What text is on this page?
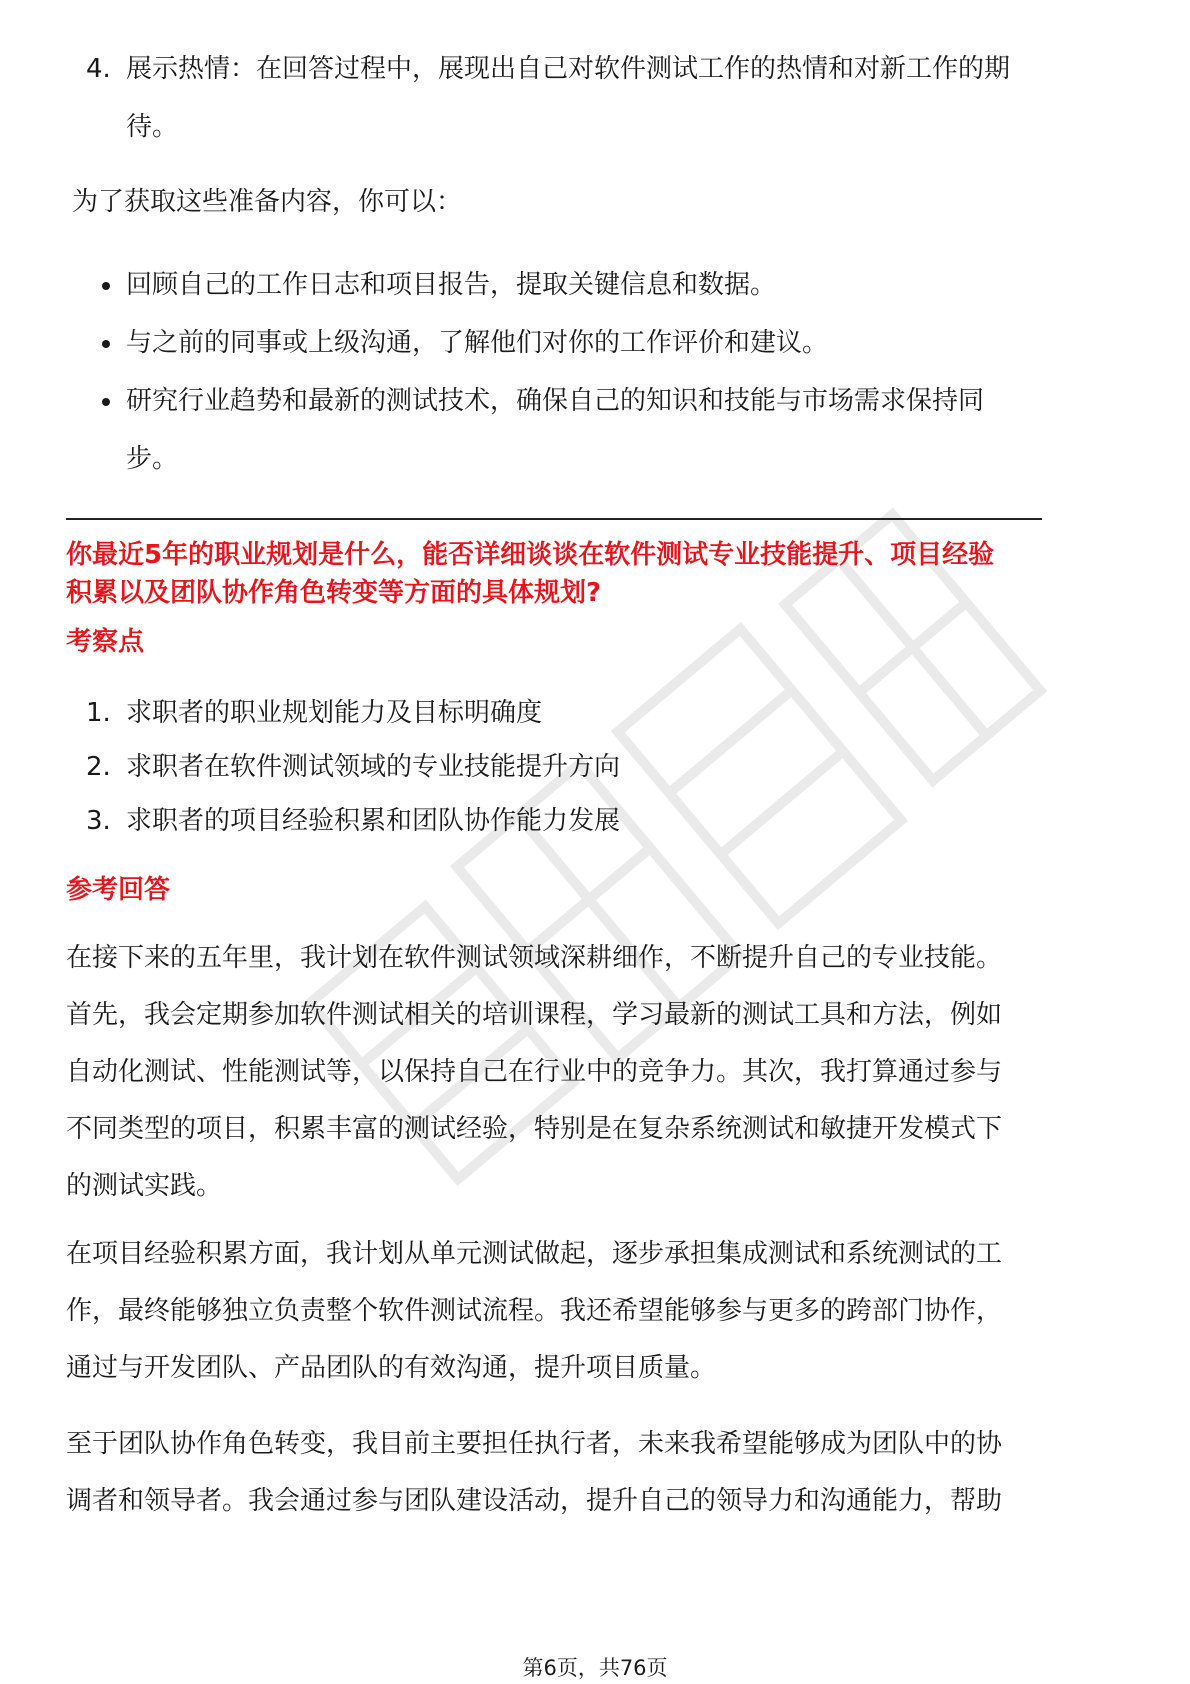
4. 展示热情：在回答过程中，展现出自己对软件测试工作的热情和对新工作的期
待。

为了获取这些准备内容，你可以：

回顾自己的工作日志和项目报告，提取关键信息和数据。
与之前的同事或上级沟通，了解他们对你的工作评价和建议。
研究行业趋势和最新的测试技术，确保自己的知识和技能与市场需求保持同
步。
你最近5年的职业规划是什么，能否详细谈谈在软件测试专业技能提升、项目经验
积累以及团队协作角色转变等方面的具体规划?
考察点
1. 求职者的职业规划能力及目标明确度
2. 求职者在软件测试领域的专业技能提升方向
3. 求职者的项目经验积累和团队协作能力发展
参考回答
在接下来的五年里，我计划在软件测试领域深耕细作，不断提升自己的专业技能。
首先，我会定期参加软件测试相关的培训课程，学习最新的测试工具和方法，例如
自动化测试、性能测试等，以保持自己在行业中的竞争力。其次，我打算通过参与
不同类型的项目，积累丰富的测试经验，特别是在复杂系统测试和敏捷开发模式下
的测试实践。
在项目经验积累方面，我计划从单元测试做起，逐步承担集成测试和系统测试的工
作，最终能够独立负责整个软件测试流程。我还希望能够参与更多的跨部门协作，
通过与开发团队、产品团队的有效沟通，提升项目质量。
至于团队协作角色转变，我目前主要担任执行者，未来我希望能够成为团队中的协
调者和领导者。我会通过参与团队建设活动，提升自己的领导力和沟通能力，帮助
第6页，共76页
